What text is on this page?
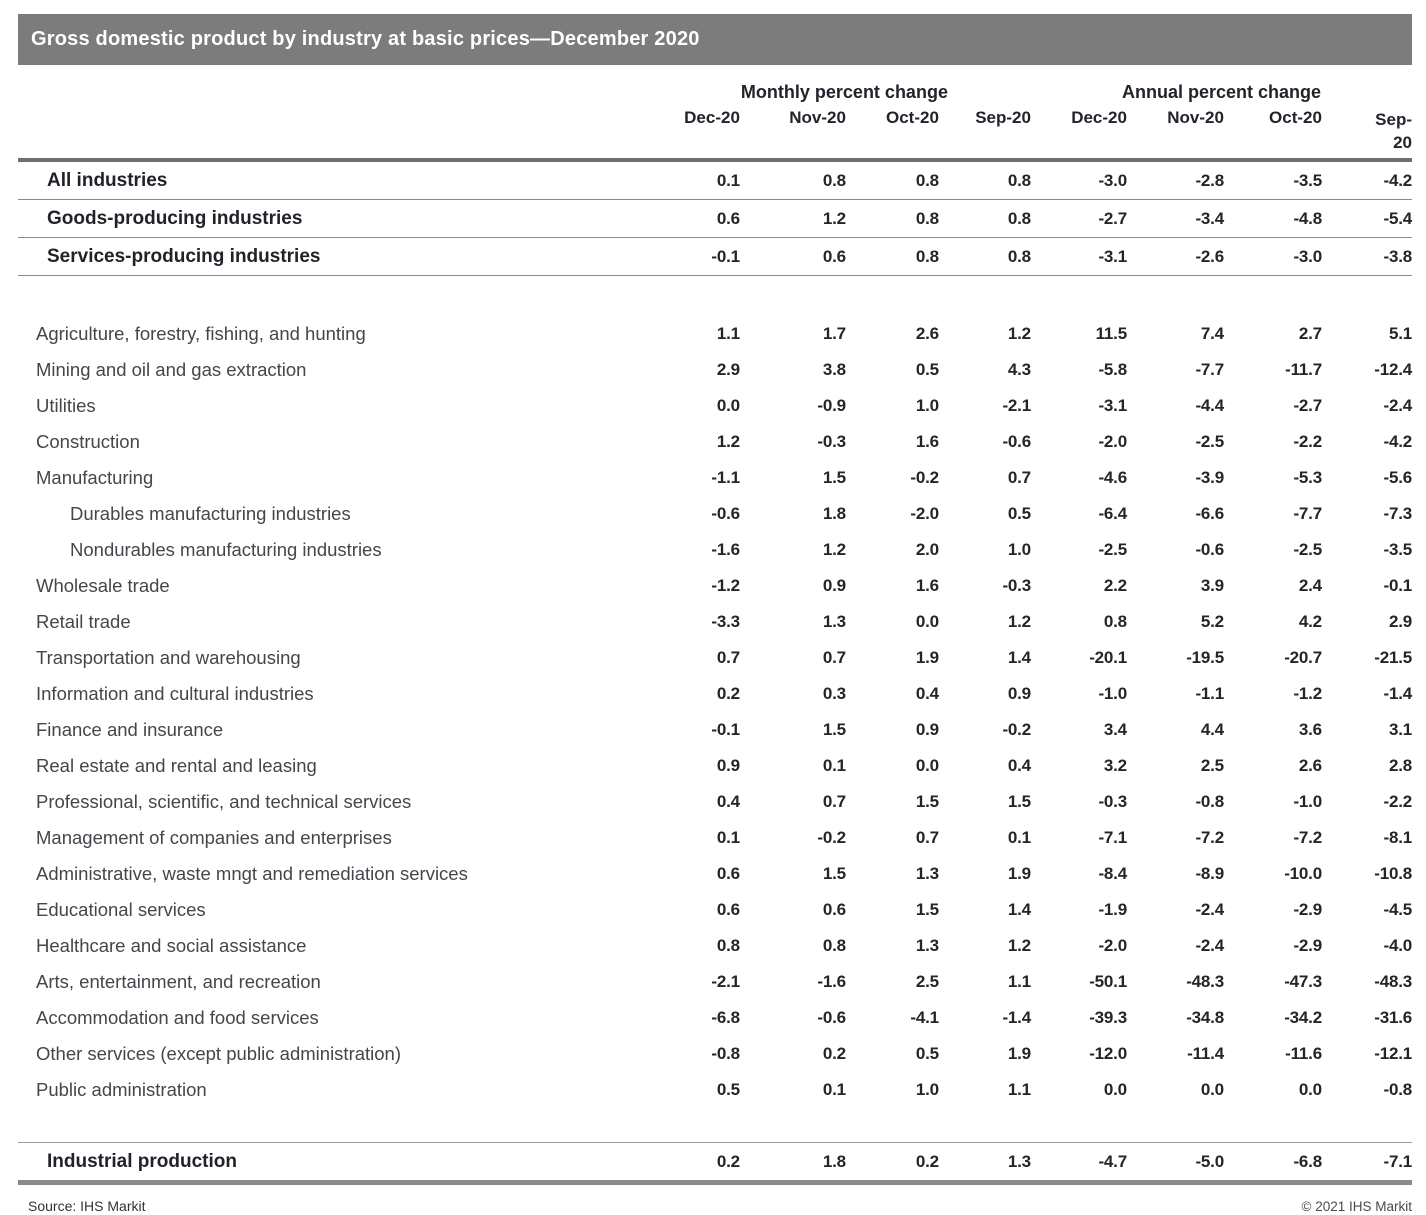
Gross domestic product by industry at basic prices—December 2020
	Monthly percent change				Annual percent change			
	Dec-20	Nov-20	Oct-20	Sep-20	Dec-20	Nov-20	Oct-20	Sep-20
All industries	0.1	0.8	0.8	0.8	-3.0	-2.8	-3.5	-4.2
Goods-producing industries	0.6	1.2	0.8	0.8	-2.7	-3.4	-4.8	-5.4
Services-producing industries	-0.1	0.6	0.8	0.8	-3.1	-2.6	-3.0	-3.8

Agriculture, forestry, fishing, and hunting	1.1	1.7	2.6	1.2	11.5	7.4	2.7	5.1
Mining and oil and gas extraction	2.9	3.8	0.5	4.3	-5.8	-7.7	-11.7	-12.4
Utilities	0.0	-0.9	1.0	-2.1	-3.1	-4.4	-2.7	-2.4
Construction	1.2	-0.3	1.6	-0.6	-2.0	-2.5	-2.2	-4.2
Manufacturing	-1.1	1.5	-0.2	0.7	-4.6	-3.9	-5.3	-5.6
Durables manufacturing industries	-0.6	1.8	-2.0	0.5	-6.4	-6.6	-7.7	-7.3
Nondurables manufacturing industries	-1.6	1.2	2.0	1.0	-2.5	-0.6	-2.5	-3.5
Wholesale trade	-1.2	0.9	1.6	-0.3	2.2	3.9	2.4	-0.1
Retail trade	-3.3	1.3	0.0	1.2	0.8	5.2	4.2	2.9
Transportation and warehousing	0.7	0.7	1.9	1.4	-20.1	-19.5	-20.7	-21.5
Information and cultural industries	0.2	0.3	0.4	0.9	-1.0	-1.1	-1.2	-1.4
Finance and insurance	-0.1	1.5	0.9	-0.2	3.4	4.4	3.6	3.1
Real estate and rental and leasing	0.9	0.1	0.0	0.4	3.2	2.5	2.6	2.8
Professional, scientific, and technical services	0.4	0.7	1.5	1.5	-0.3	-0.8	-1.0	-2.2
Management of companies and enterprises	0.1	-0.2	0.7	0.1	-7.1	-7.2	-7.2	-8.1
Administrative, waste mngt and remediation services	0.6	1.5	1.3	1.9	-8.4	-8.9	-10.0	-10.8
Educational services	0.6	0.6	1.5	1.4	-1.9	-2.4	-2.9	-4.5
Healthcare and social assistance	0.8	0.8	1.3	1.2	-2.0	-2.4	-2.9	-4.0
Arts, entertainment, and recreation	-2.1	-1.6	2.5	1.1	-50.1	-48.3	-47.3	-48.3
Accommodation and food services	-6.8	-0.6	-4.1	-1.4	-39.3	-34.8	-34.2	-31.6
Other services (except public administration)	-0.8	0.2	0.5	1.9	-12.0	-11.4	-11.6	-12.1
Public administration	0.5	0.1	1.0	1.1	0.0	0.0	0.0	-0.8

Industrial production	0.2	1.8	0.2	1.3	-4.7	-5.0	-6.8	-7.1
Source: IHS Markit	© 2021 IHS Markit
